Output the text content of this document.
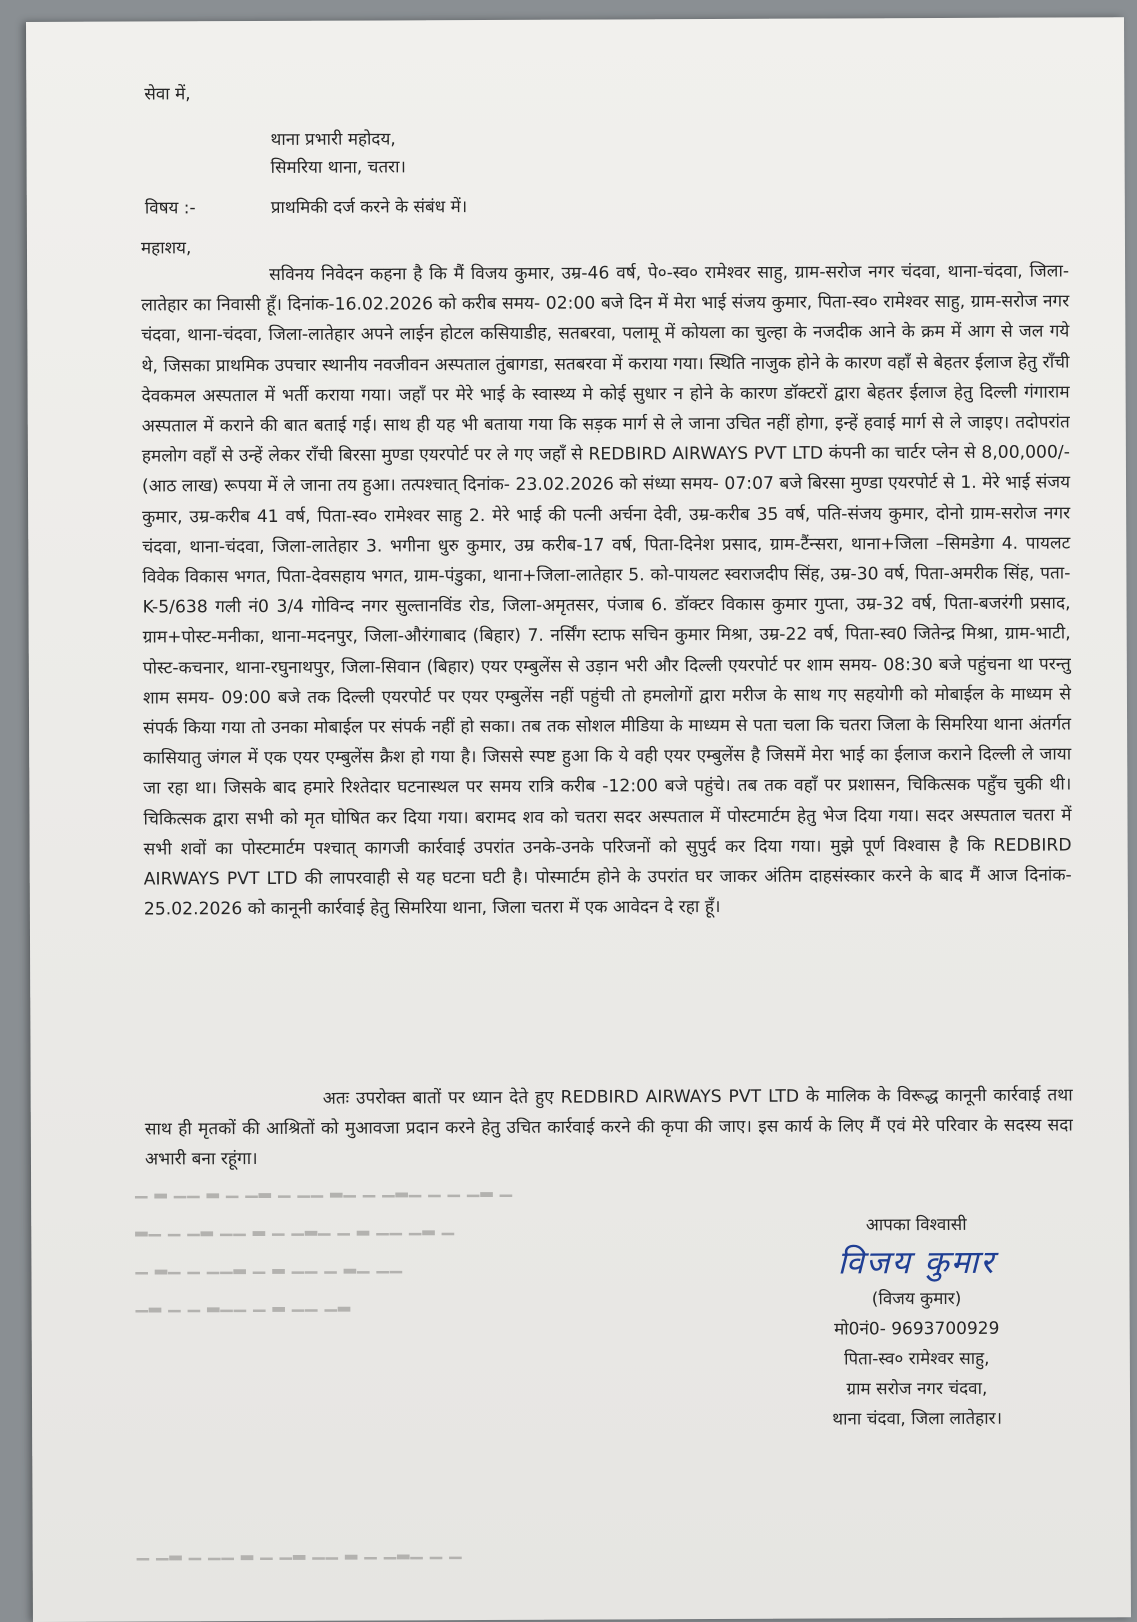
सेवा में,
थाना प्रभारी महोदय,
सिमरिया थाना, चतरा।
विषय :-	प्राथमिकी दर्ज करने के संबंध में।
महाशय,
सविनय निवेदन कहना है कि मैं विजय कुमार, उम्र-46 वर्ष, पे०-स्व० रामेश्वर साहु, ग्राम-सरोज नगर चंदवा, थाना-चंदवा, जिला-लातेहार का निवासी हूँ। दिनांक-16.02.2026 को करीब समय- 02:00 बजे दिन में मेरा भाई संजय कुमार, पिता-स्व० रामेश्वर साहु, ग्राम-सरोज नगर चंदवा, थाना-चंदवा, जिला-लातेहार अपने लाईन होटल कसियाडीह, सतबरवा, पलामू में कोयला का चुल्हा के नजदीक आने के क्रम में आग से जल गये थे, जिसका प्राथमिक उपचार स्थानीय नवजीवन अस्पताल तुंबागडा, सतबरवा में कराया गया। स्थिति नाजुक होने के कारण वहाँ से बेहतर ईलाज हेतु राँची देवकमल अस्पताल में भर्ती कराया गया। जहाँ पर मेरे भाई के स्वास्थ्य मे कोई सुधार न होने के कारण डॉक्टरों द्वारा बेहतर ईलाज हेतु दिल्ली गंगाराम अस्पताल में कराने की बात बताई गई। साथ ही यह भी बताया गया कि सड़क मार्ग से ले जाना उचित नहीं होगा, इन्हें हवाई मार्ग से ले जाइए। तदोपरांत हमलोग वहाँ से उन्हें लेकर राँची बिरसा मुण्डा एयरपोर्ट पर ले गए जहाँ से REDBIRD AIRWAYS PVT LTD कंपनी का चार्टर प्लेन से 8,00,000/- (आठ लाख) रूपया में ले जाना तय हुआ। तत्पश्चात् दिनांक- 23.02.2026 को संध्या समय- 07:07 बजे बिरसा मुण्डा एयरपोर्ट से 1. मेरे भाई संजय कुमार, उम्र-करीब 41 वर्ष, पिता-स्व० रामेश्वर साहु 2. मेरे भाई की पत्नी अर्चना देवी, उम्र-करीब 35 वर्ष, पति-संजय कुमार, दोनो ग्राम-सरोज नगर चंदवा, थाना-चंदवा, जिला-लातेहार 3. भगीना धुरु कुमार, उम्र करीब-17 वर्ष, पिता-दिनेश प्रसाद, ग्राम-टैंन्सरा, थाना+जिला –सिमडेगा 4. पायलट विवेक विकास भगत, पिता-देवसहाय भगत, ग्राम-पंडुका, थाना+जिला-लातेहार 5. को-पायलट स्वराजदीप सिंह, उम्र-30 वर्ष, पिता-अमरीक सिंह, पता- K-5/638 गली नं0 3/4 गोविन्द नगर सुल्तानविंड रोड, जिला-अमृतसर, पंजाब 6. डॉक्टर विकास कुमार गुप्ता, उम्र-32 वर्ष, पिता-बजरंगी प्रसाद, ग्राम+पोस्ट-मनीका, थाना-मदनपुर, जिला-औरंगाबाद (बिहार) 7. नर्सिंग स्टाफ सचिन कुमार मिश्रा, उम्र-22 वर्ष, पिता-स्व0 जितेन्द्र मिश्रा, ग्राम-भाटी, पोस्ट-कचनार, थाना-रघुनाथपुर, जिला-सिवान (बिहार) एयर एम्बुलेंस से उड़ान भरी और दिल्ली एयरपोर्ट पर शाम समय- 08:30 बजे पहुंचना था परन्तु शाम समय- 09:00 बजे तक दिल्ली एयरपोर्ट पर एयर एम्बुलेंस नहीं पहुंची तो हमलोगों द्वारा मरीज के साथ गए सहयोगी को मोबाईल के माध्यम से संपर्क किया गया तो उनका मोबाईल पर संपर्क नहीं हो सका। तब तक सोशल मीडिया के माध्यम से पता चला कि चतरा जिला के सिमरिया थाना अंतर्गत कासियातु जंगल में एक एयर एम्बुलेंस क्रैश हो गया है। जिससे स्पष्ट हुआ कि ये वही एयर एम्बुलेंस है जिसमें मेरा भाई का ईलाज कराने दिल्ली ले जाया जा रहा था। जिसके बाद हमारे रिश्तेदार घटनास्थल पर समय रात्रि करीब -12:00 बजे पहुंचे। तब तक वहाँ पर प्रशासन, चिकित्सक पहुँच चुकी थी। चिकित्सक द्वारा सभी को मृत घोषित कर दिया गया। बरामद शव को चतरा सदर अस्पताल में पोस्टमार्टम हेतु भेज दिया गया। सदर अस्पताल चतरा में सभी शवों का पोस्टमार्टम पश्चात् कागजी कार्रवाई उपरांत उनके-उनके परिजनों को सुपुर्द कर दिया गया। मुझे पूर्ण विश्वास है कि REDBIRD AIRWAYS PVT LTD की लापरवाही से यह घटना घटी है। पोस्मार्टम होने के उपरांत घर जाकर अंतिम दाहसंस्कार करने के बाद मैं आज दिनांक- 25.02.2026 को कानूनी कार्रवाई हेतु सिमरिया थाना, जिला चतरा में एक आवेदन दे रहा हूँ।
अतः उपरोक्त बातों पर ध्यान देते हुए REDBIRD AIRWAYS PVT LTD के मालिक के विरूद्ध कानूनी कार्रवाई तथा साथ ही मृतकों की आश्रितों को मुआवजा प्रदान करने हेतु उचित कार्रवाई करने की कृपा की जाए। इस कार्य के लिए मैं एवं मेरे परिवार के सदस्य सदा अभारी बना रहूंगा।
▁ ▂ ▁▁ ▂ ▁ ▁▂ ▁ ▁▁ ▂▁ ▁ ▁▂▁ ▁ ▁ ▁▂ ▁
▂▁ ▁ ▁▂ ▁▁ ▂ ▁ ▁▂▁ ▁ ▂ ▁▁ ▁▂ ▁
▁ ▂▁ ▁ ▁▁▂ ▁ ▂ ▁▁ ▁ ▂▁ ▁▁
▁▂ ▁ ▁ ▂▁▁ ▁ ▂ ▁▁ ▁▂
▁ ▁▂ ▁ ▁▁ ▂ ▁ ▁▂ ▁▁ ▂ ▁ ▁▂▁ ▁ ▁
आपका विश्वासी
विजय कुमार
(विजय कुमार)
मो0नं0- 9693700929
पिता-स्व० रामेश्वर साहु,
ग्राम सरोज नगर चंदवा,
थाना चंदवा, जिला लातेहार।
